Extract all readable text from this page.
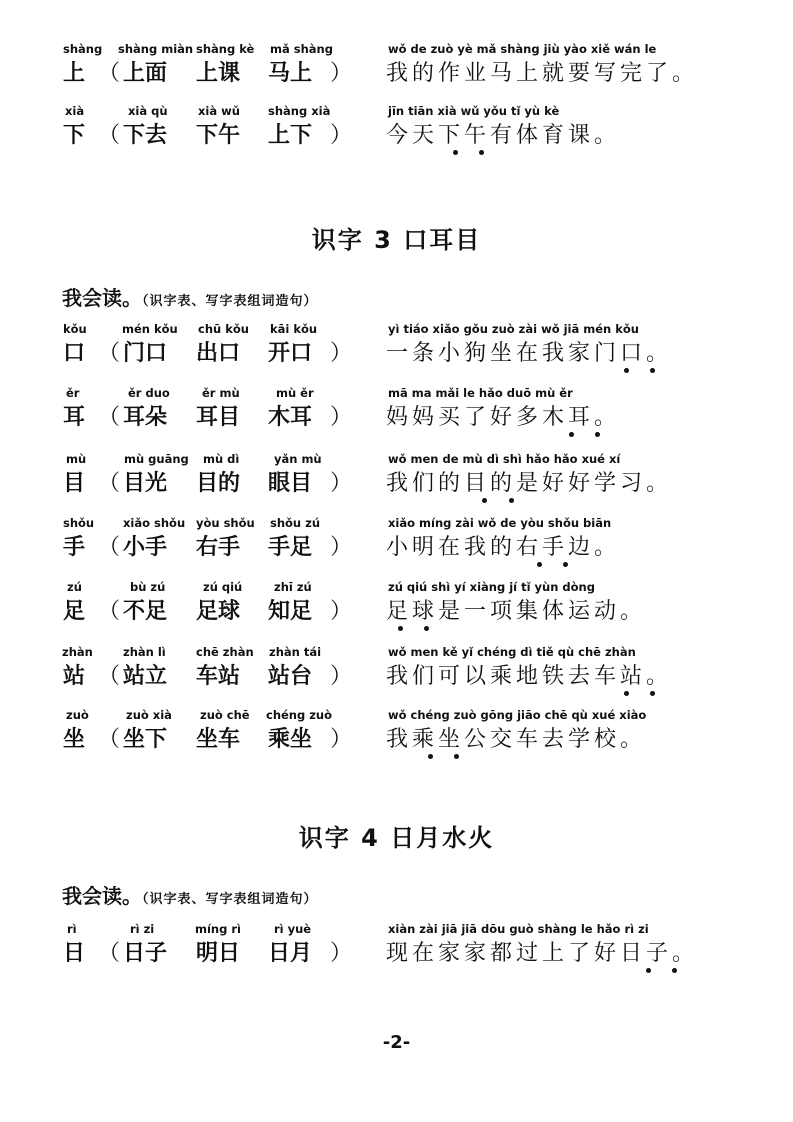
shàng
上 （
shàng miàn
上面
shàng kè
上课
mǎ shàng
马上 ）
wǒ de zuò yè mǎ shàng jiù yào xiě wán le
我的作业马上就要写完了。
xià
下 （
xià qù
下去
xià wǔ
下午
shàng xià
上下 ）
jīn tiān xià wǔ yǒu tǐ yù kè
今天下午有体育课。
识字 3 口耳目
我会读。（识字表、写字表组词造句）
kǒu
口 （
mén kǒu
门口
chū kǒu
出口
kāi kǒu
开口 ）
yì tiáo xiǎo gǒu zuò zài wǒ jiā mén kǒu
一条小狗坐在我家门口。
ěr
耳 （
ěr duo
耳朵
ěr mù
耳目
mù ěr
木耳 ）
mā ma mǎi le hǎo duō mù ěr
妈妈买了好多木耳。
mù
目 （
mù guāng
目光
mù dì
目的
yǎn mù
眼目 ）
wǒ men de mù dì shì hǎo hǎo xué xí
我们的目的是好好学习。
shǒu
手 （
xiǎo shǒu
小手
yòu shǒu
右手
shǒu zú
手足 ）
xiǎo míng zài wǒ de yòu shǒu biān
小明在我的右手边。
zú
足 （
bù zú
不足
zú qiú
足球
zhī zú
知足 ）
zú qiú shì yí xiàng jí tǐ yùn dòng
足球是一项集体运动。
zhàn
站 （
zhàn lì
站立
chē zhàn
车站
zhàn tái
站台 ）
wǒ men kě yǐ chéng dì tiě qù chē zhàn
我们可以乘地铁去车站。
zuò
坐 （
zuò xià
坐下
zuò chē
坐车
chéng zuò
乘坐 ）
wǒ chéng zuò gōng jiāo chē qù xué xiào
我乘坐公交车去学校。
识字 4 日月水火
我会读。（识字表、写字表组词造句）
rì
日 （
rì zi
日子
míng rì
明日
rì yuè
日月 ）
xiàn zài jiā jiā dōu guò shàng le hǎo rì zi
现在家家都过上了好日子。
-2-
